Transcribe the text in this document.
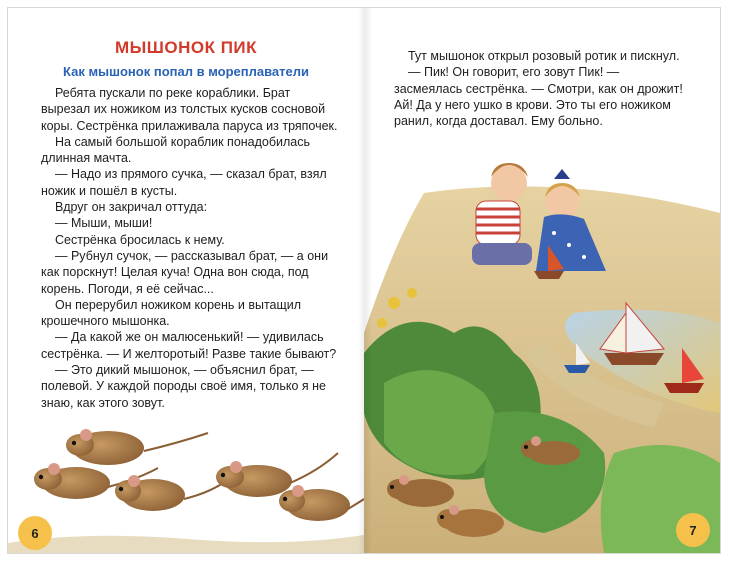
МЫШОНОК ПИК
Как мышонок попал в мореплаватели

Ребята пускали по реке кораблики. Брат вырезал их ножиком из толстых кусков сосновой коры. Сестрёнка прилаживала паруса из тряпочек.

На самый большой кораблик понадобилась длинная мачта.

— Надо из прямого сучка, — сказал брат, взял ножик и пошёл в кусты.

Вдруг он закричал оттуда:

— Мыши, мыши!

Сестрёнка бросилась к нему.

— Рубнул сучок, — рассказывал брат, — а они как порскнут! Целая куча! Одна вон сюда, под корень. Погоди, я её сейчас...

Он перерубил ножиком корень и вытащил крошечного мышонка.

— Да какой же он малюсенький! — удивилась сестрёнка. — И желторотый! Разве такие бывают?

— Это дикий мышонок, — объяснил брат, — полевой. У каждой породы своё имя, только я не знаю, как этого зовут.

6

Тут мышонок открыл розовый ротик и пискнул.

— Пик! Он говорит, его зовут Пик! — засмеялась сестрёнка. — Смотри, как он дрожит! Ай! Да у него ушко в крови. Это ты его ножиком ранил, когда доставал. Ему больно.

7
